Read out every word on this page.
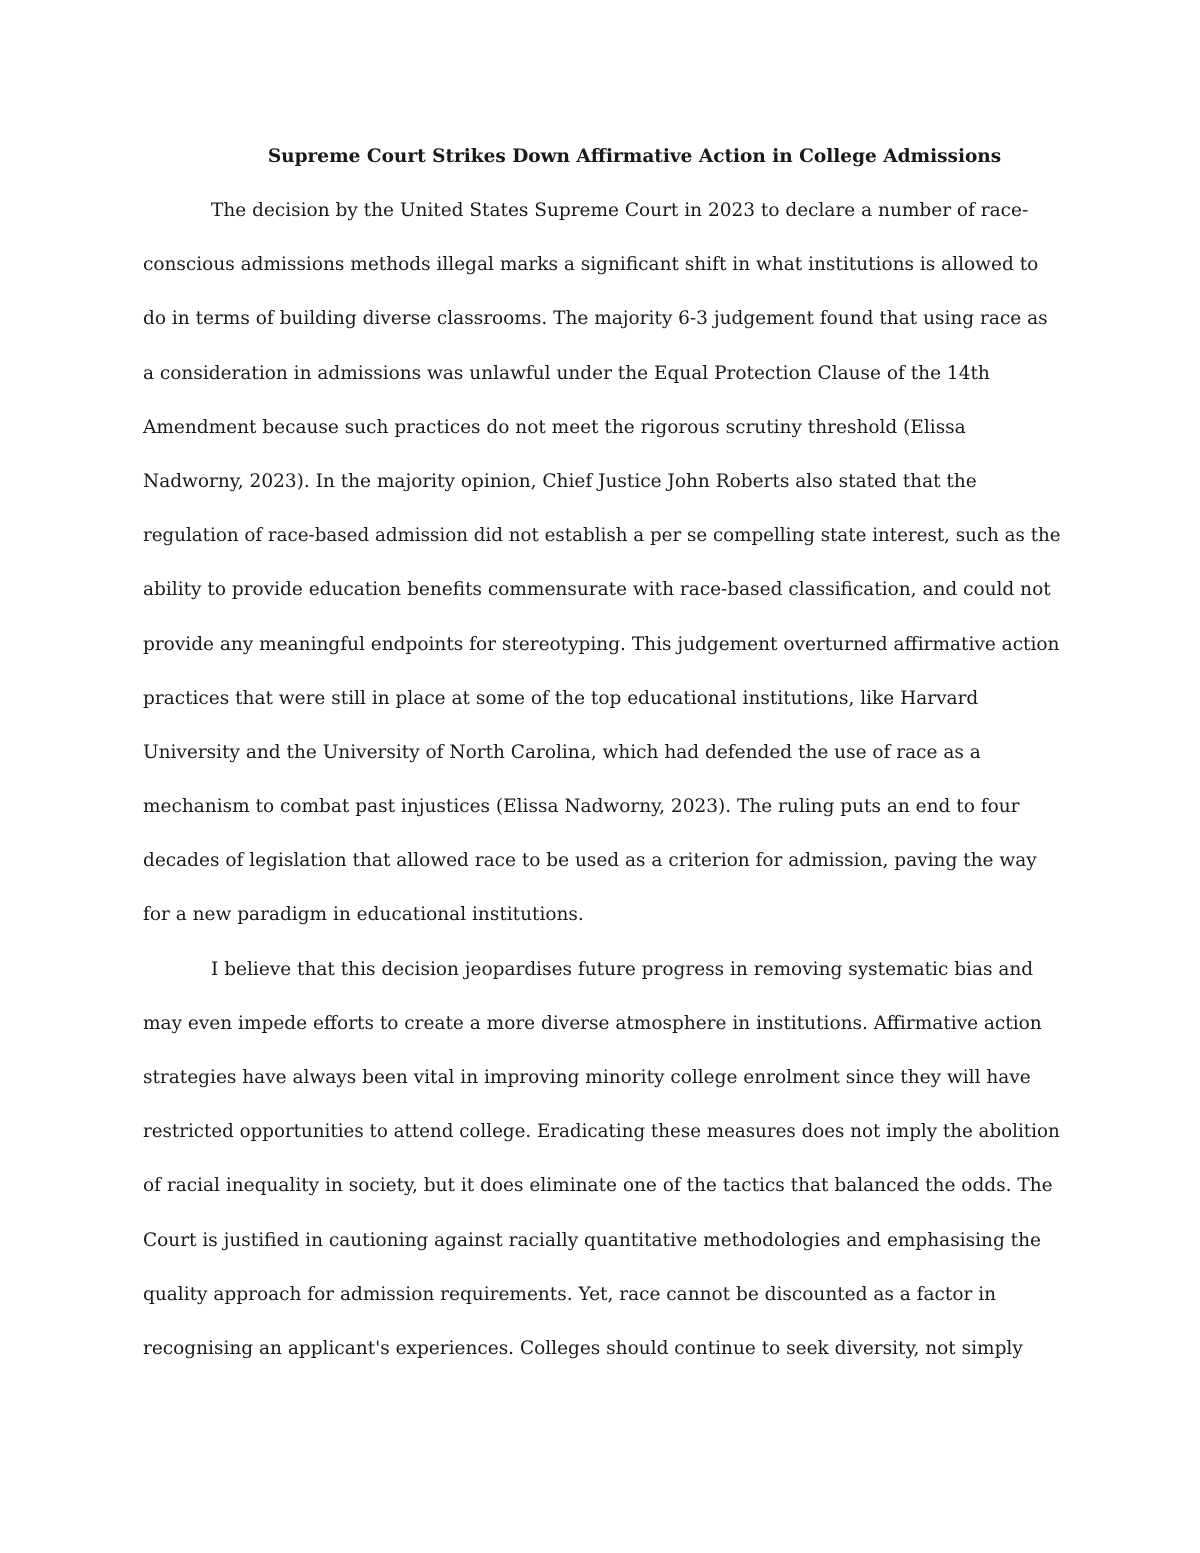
Supreme Court Strikes Down Affirmative Action in College Admissions
The decision by the United States Supreme Court in 2023 to declare a number of race-
conscious admissions methods illegal marks a significant shift in what institutions is allowed to
do in terms of building diverse classrooms. The majority 6-3 judgement found that using race as
a consideration in admissions was unlawful under the Equal Protection Clause of the 14th
Amendment because such practices do not meet the rigorous scrutiny threshold (Elissa
Nadworny, 2023). In the majority opinion, Chief Justice John Roberts also stated that the
regulation of race-based admission did not establish a per se compelling state interest, such as the
ability to provide education benefits commensurate with race-based classification, and could not
provide any meaningful endpoints for stereotyping. This judgement overturned affirmative action
practices that were still in place at some of the top educational institutions, like Harvard
University and the University of North Carolina, which had defended the use of race as a
mechanism to combat past injustices (Elissa Nadworny, 2023). The ruling puts an end to four
decades of legislation that allowed race to be used as a criterion for admission, paving the way
for a new paradigm in educational institutions.
I believe that this decision jeopardises future progress in removing systematic bias and
may even impede efforts to create a more diverse atmosphere in institutions. Affirmative action
strategies have always been vital in improving minority college enrolment since they will have
restricted opportunities to attend college. Eradicating these measures does not imply the abolition
of racial inequality in society, but it does eliminate one of the tactics that balanced the odds. The
Court is justified in cautioning against racially quantitative methodologies and emphasising the
quality approach for admission requirements. Yet, race cannot be discounted as a factor in
recognising an applicant's experiences. Colleges should continue to seek diversity, not simply
